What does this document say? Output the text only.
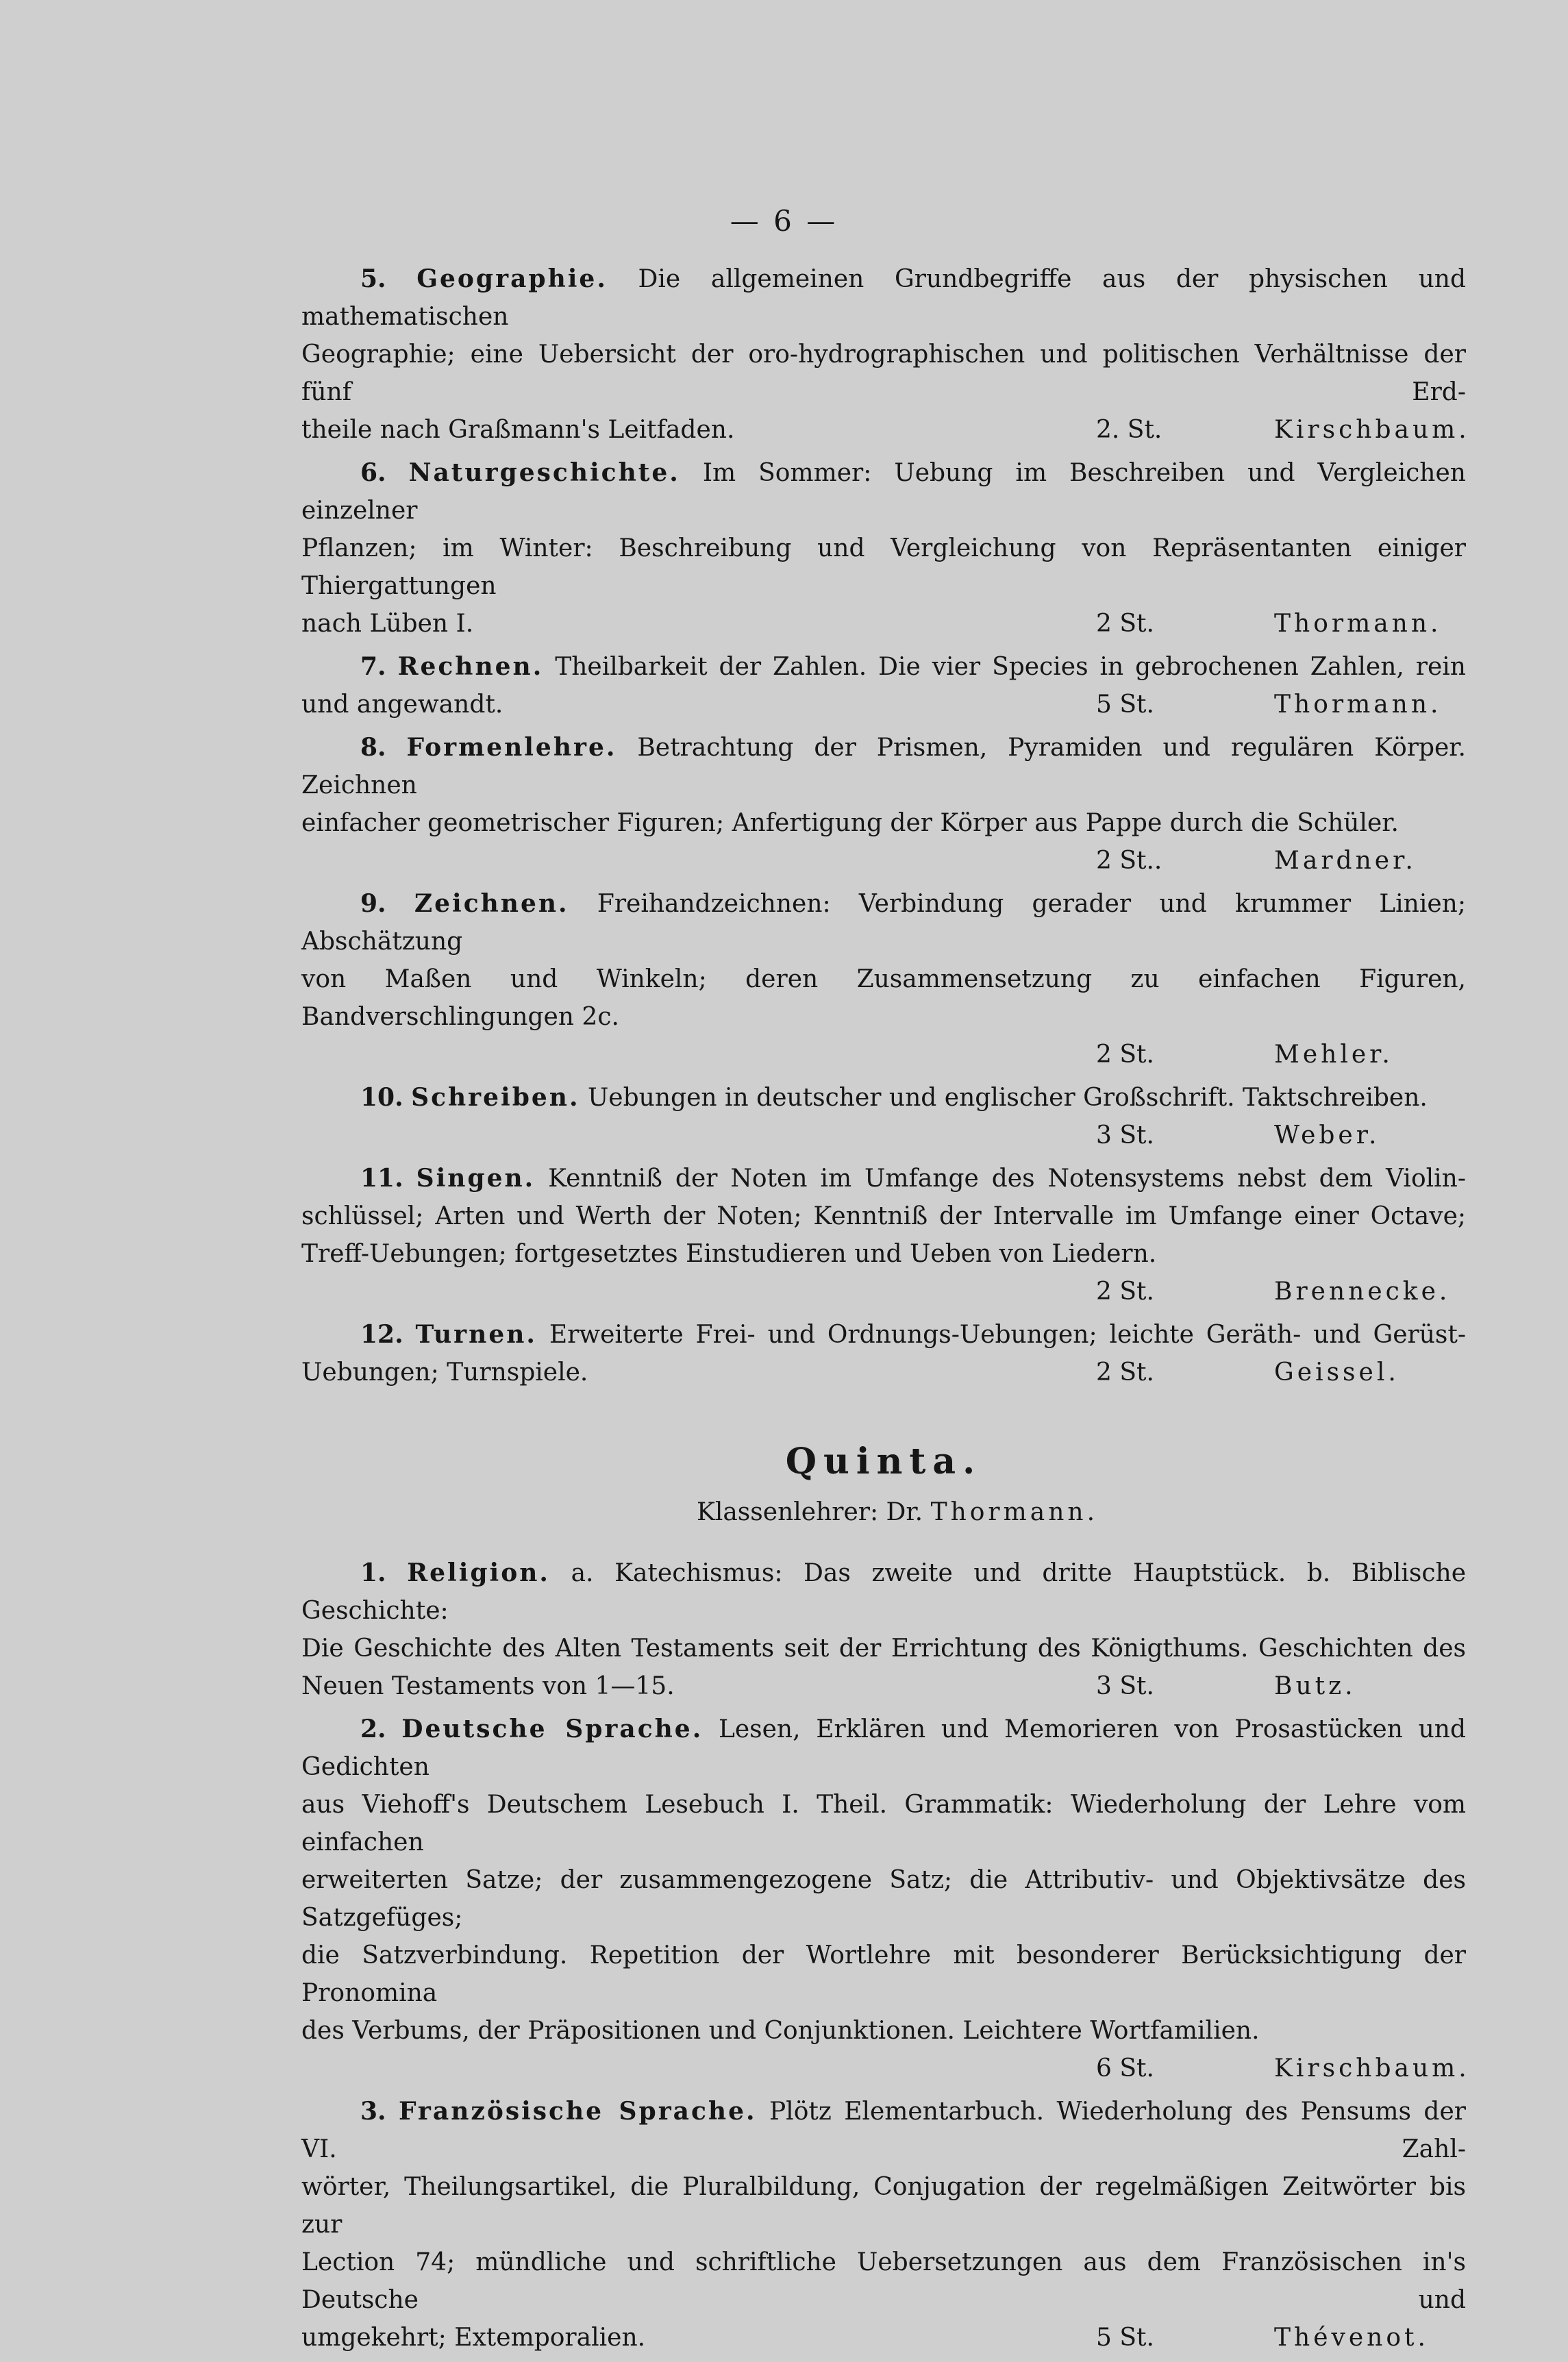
— 6 —

5. Geographie. Die allgemeinen Grundbegriffe aus der physischen und mathematischen

Geographie; eine Uebersicht der oro-hydrographischen und politischen Verhältnisse der fünf Erd-

theile nach Graßmann's Leitfaden.	2. St.	Kirschbaum.

6. Naturgeschichte. Im Sommer: Uebung im Beschreiben und Vergleichen einzelner

Pflanzen; im Winter: Beschreibung und Vergleichung von Repräsentanten einiger Thiergattungen

nach Lüben I.	2 St.	Thormann.

7. Rechnen. Theilbarkeit der Zahlen. Die vier Species in gebrochenen Zahlen, rein

und angewandt.	5 St.	Thormann.

8. Formenlehre. Betrachtung der Prismen, Pyramiden und regulären Körper. Zeichnen

einfacher geometrischer Figuren; Anfertigung der Körper aus Pappe durch die Schüler.

2 St..	Mardner.

9. Zeichnen. Freihandzeichnen: Verbindung gerader und krummer Linien; Abschätzung

von Maßen und Winkeln; deren Zusammensetzung zu einfachen Figuren, Bandverschlingungen 2c.

2 St.	Mehler.

10. Schreiben. Uebungen in deutscher und englischer Großschrift. Taktschreiben.

3 St.	Weber.

11. Singen. Kenntniß der Noten im Umfange des Notensystems nebst dem Violin-

schlüssel; Arten und Werth der Noten; Kenntniß der Intervalle im Umfange einer Octave;

Treff-Uebungen; fortgesetztes Einstudieren und Ueben von Liedern.

2 St.	Brennecke.

12. Turnen. Erweiterte Frei- und Ordnungs-Uebungen; leichte Geräth- und Gerüst-

Uebungen; Turnspiele.	2 St.	Geissel.
Quinta.
Klassenlehrer: Dr. Thormann.

1. Religion. a. Katechismus: Das zweite und dritte Hauptstück. b. Biblische Geschichte:

Die Geschichte des Alten Testaments seit der Errichtung des Königthums. Geschichten des

Neuen Testaments von 1—15.	3 St.	Butz.

2. Deutsche Sprache. Lesen, Erklären und Memorieren von Prosastücken und Gedichten

aus Viehoff's Deutschem Lesebuch I. Theil. Grammatik: Wiederholung der Lehre vom einfachen

erweiterten Satze; der zusammengezogene Satz; die Attributiv- und Objektivsätze des Satzgefüges;

die Satzverbindung. Repetition der Wortlehre mit besonderer Berücksichtigung der Pronomina

des Verbums, der Präpositionen und Conjunktionen. Leichtere Wortfamilien.

6 St.	Kirschbaum.

3. Französische Sprache. Plötz Elementarbuch. Wiederholung des Pensums der VI. Zahl-

wörter, Theilungsartikel, die Pluralbildung, Conjugation der regelmäßigen Zeitwörter bis zur

Lection 74; mündliche und schriftliche Uebersetzungen aus dem Französischen in's Deutsche und

umgekehrt; Extemporalien.	5 St.	Thévenot.
